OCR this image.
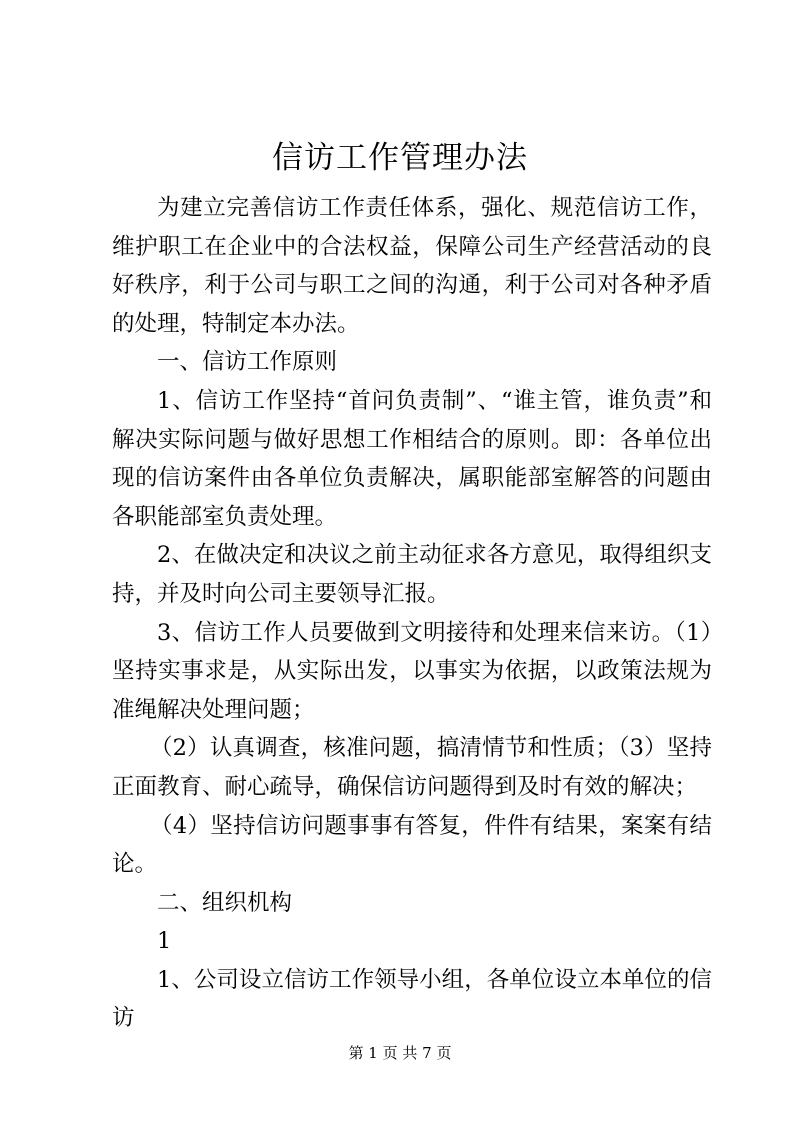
信访工作管理办法

为建立完善信访工作责任体系，强化、规范信访工作，维护职工在企业中的合法权益，保障公司生产经营活动的良好秩序，利于公司与职工之间的沟通，利于公司对各种矛盾的处理，特制定本办法。

一、信访工作原则

1、信访工作坚持“首问负责制”、“谁主管，谁负责”和解决实际问题与做好思想工作相结合的原则。即：各单位出现的信访案件由各单位负责解决，属职能部室解答的问题由各职能部室负责处理。

2、在做决定和决议之前主动征求各方意见，取得组织支持，并及时向公司主要领导汇报。

3、信访工作人员要做到文明接待和处理来信来访。（1）坚持实事求是，从实际出发，以事实为依据，以政策法规为准绳解决处理问题；

（2）认真调查，核准问题，搞清情节和性质；（3）坚持正面教育、耐心疏导，确保信访问题得到及时有效的解决；

（4）坚持信访问题事事有答复，件件有结果，案案有结论。

二、组织机构

1

1、公司设立信访工作领导小组，各单位设立本单位的信访

第 1 页 共 7 页
